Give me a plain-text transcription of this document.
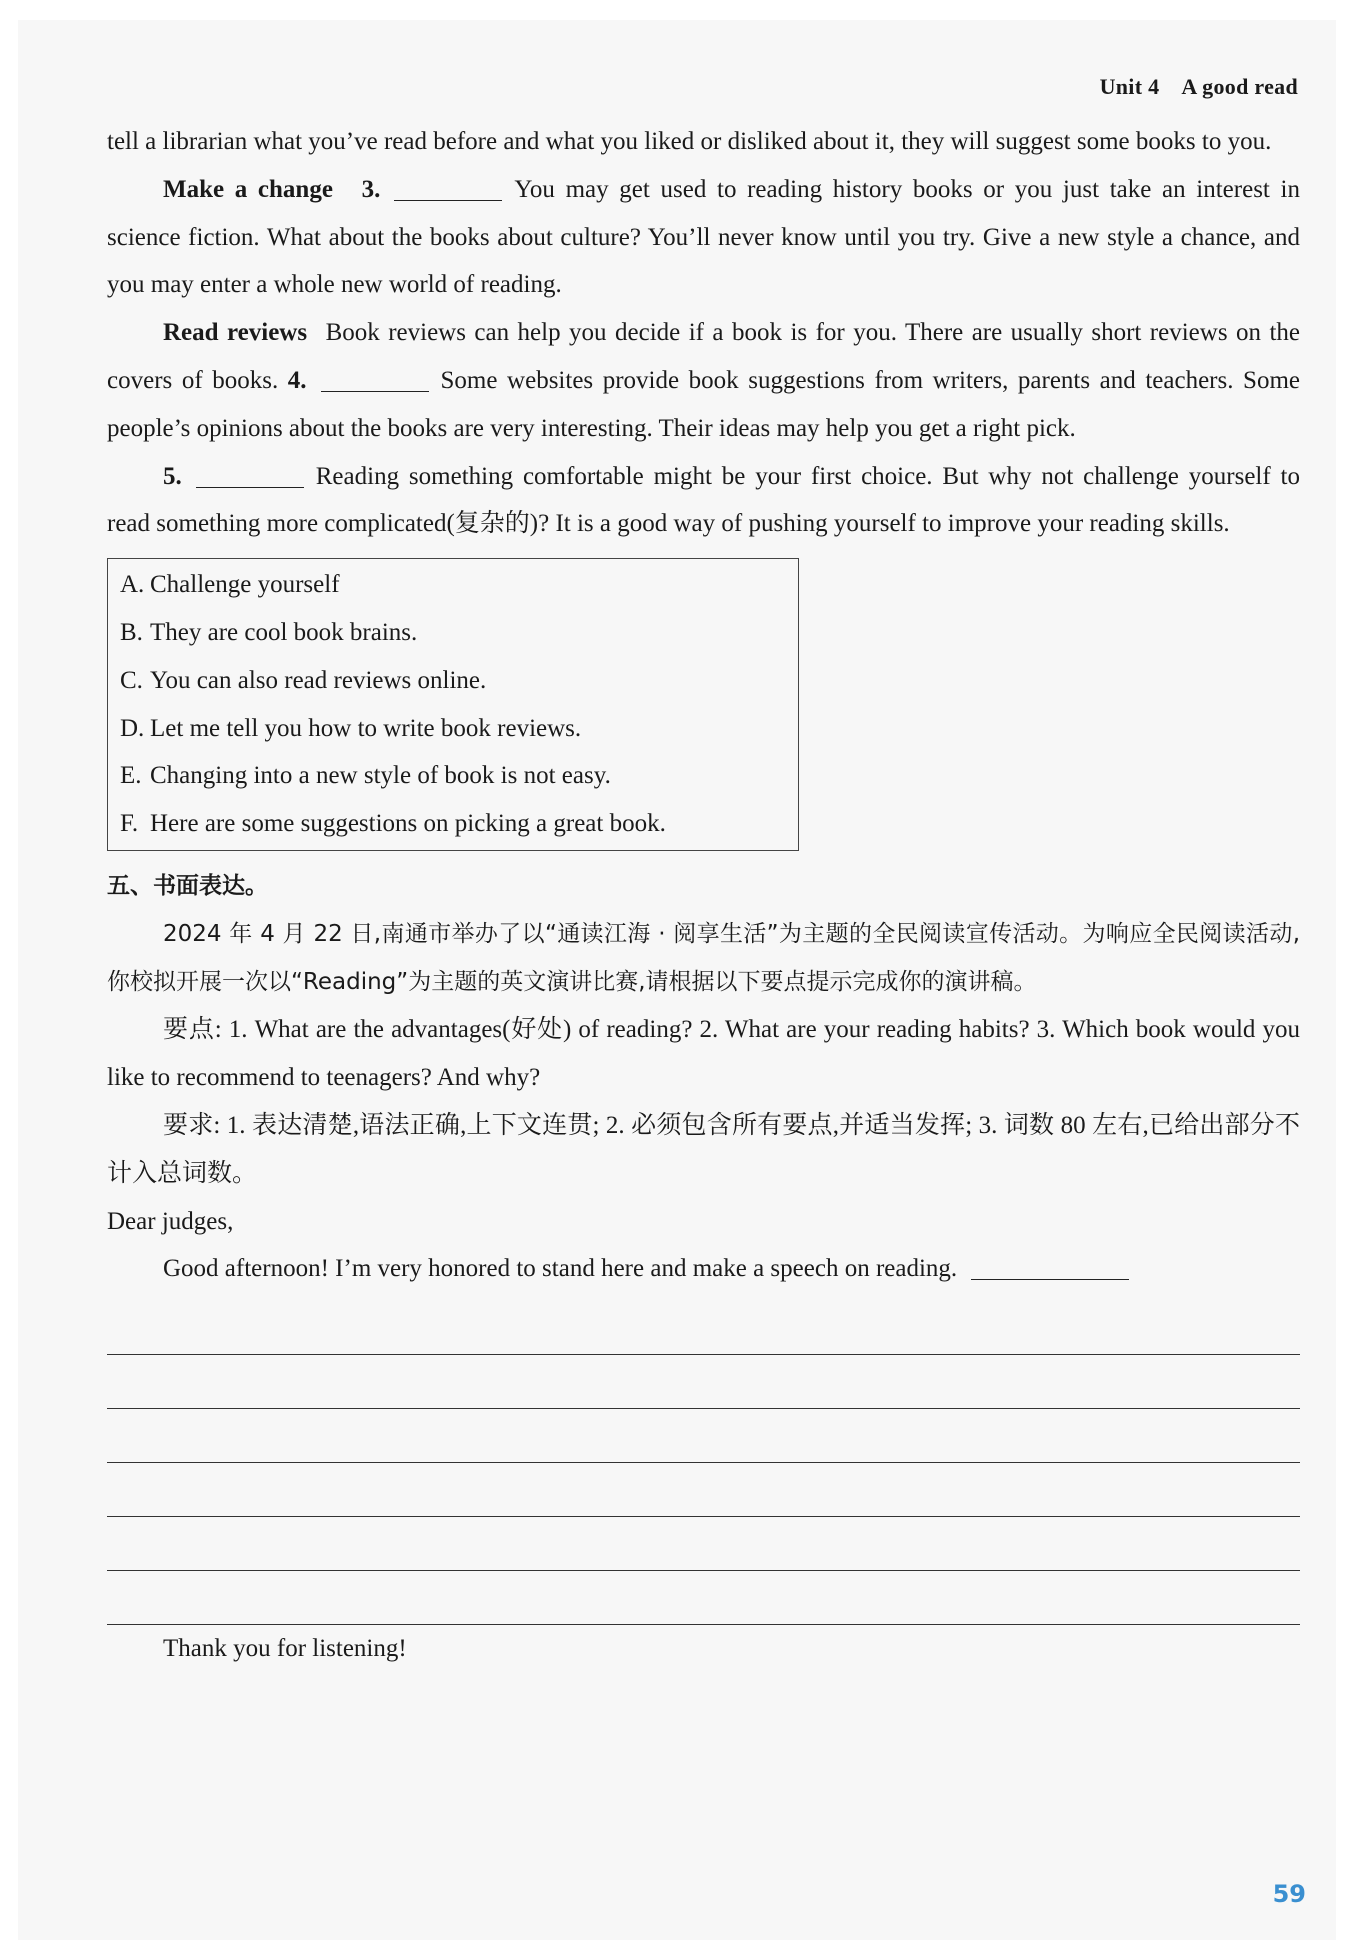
Unit 4    A good read

tell a librarian what you’ve read before and what you liked or disliked about it, they will suggest some books to you.

Make a change 3.	You may get used to reading history books or you just take an interest in science fiction. What about the books about culture? You’ll never know until you try. Give a new style a chance, and you may enter a whole new world of reading.

Read reviews Book reviews can help you decide if a book is for you. There are usually short reviews on the covers of books. 4.	Some websites provide book suggestions from writers, parents and teachers. Some people’s opinions about the books are very interesting. Their ideas may help you get a right pick.

5.	Reading something comfortable might be your first choice. But why not challenge yourself to read something more complicated(复杂的)? It is a good way of pushing yourself to improve your reading skills.

A. Challenge yourself
B. They are cool book brains.
C. You can also read reviews online.
D. Let me tell you how to write book reviews.
E. Changing into a new style of book is not easy.
F. Here are some suggestions on picking a great book.

五、书面表达。

2024 年 4 月 22 日,南通市举办了以“通读江海 · 阅享生活”为主题的全民阅读宣传活动。为响应全民阅读活动,你校拟开展一次以“Reading”为主题的英文演讲比赛,请根据以下要点提示完成你的演讲稿。

要点: 1. What are the advantages(好处) of reading? 2. What are your reading habits? 3. Which book would you like to recommend to teenagers? And why?

要求: 1. 表达清楚,语法正确,上下文连贯; 2. 必须包含所有要点,并适当发挥; 3. 词数 80 左右,已给出部分不计入总词数。

Dear judges,

Good afternoon! I’m very honored to stand here and make a speech on reading.

Thank you for listening!

59
